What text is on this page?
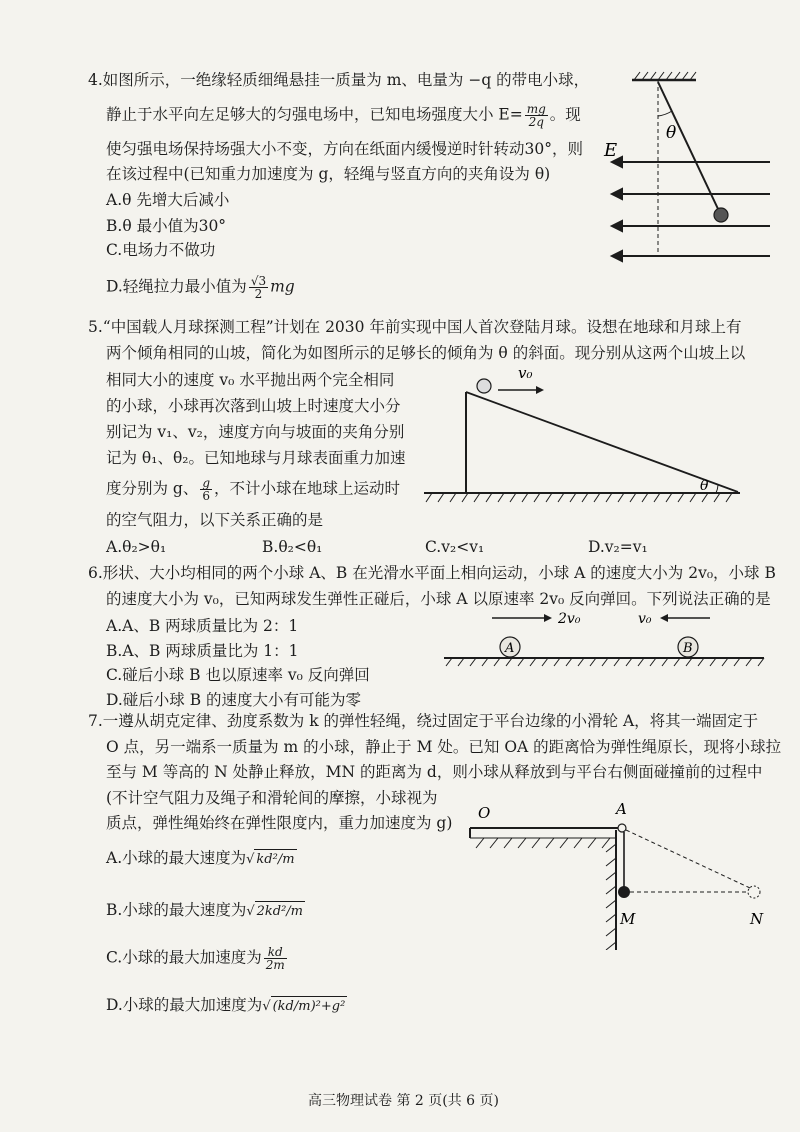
4.如图所示，一绝缘轻质细绳悬挂一质量为 m、电量为 −q 的带电小球，
静止于水平向左足够大的匀强电场中，已知电场强度大小 $E= \frac{mg}{2q}$ 。现
使匀强电场保持场强大小不变，方向在纸面内缓慢逆时针转动30°，则
在该过程中(已知重力加速度为 g，轻绳与竖直方向的夹角设为 θ)
A.θ 先增大后减小
B.θ 最小值为30°
C.电场力不做功
D.轻绳拉力最小值为 $\frac{√3}{2}$ mg
θ
E
5.“中国载人月球探测工程”计划在 2030 年前实现中国人首次登陆月球。设想在地球和月球上有
两个倾角相同的山坡，简化为如图所示的足够长的倾角为 θ 的斜面。现分别从这两个山坡上以
相同大小的速度 v₀ 水平抛出两个完全相同
的小球，小球再次落到山坡上时速度大小分
别记为 v₁、v₂，速度方向与坡面的夹角分别
记为 θ₁、θ₂。已知地球与月球表面重力加速
度分别为 g、 $\frac{g}{6}$ ，不计小球在地球上运动时
的空气阻力，以下关系正确的是
A.θ₂>θ₁	B.θ₂<θ₁	C.v₂<v₁	D.v₂=v₁
v₀
θ
6.形状、大小均相同的两个小球 A、B 在光滑水平面上相向运动，小球 A 的速度大小为 2v₀，小球 B
的速度大小为 v₀，已知两球发生弹性正碰后，小球 A 以原速率 2v₀ 反向弹回。下列说法正确的是
A.A、B 两球质量比为 2：1
B.A、B 两球质量比为 1：1
C.碰后小球 B 也以原速率 v₀ 反向弹回
D.碰后小球 B 的速度大小有可能为零
2v₀	v₀
A	B
7.一遵从胡克定律、劲度系数为 k 的弹性轻绳，绕过固定于平台边缘的小滑轮 A，将其一端固定于
O 点，另一端系一质量为 m 的小球，静止于 M 处。已知 OA 的距离恰为弹性绳原长，现将小球拉
至与 M 等高的 N 处静止释放，MN 的距离为 d，则小球从释放到与平台右侧面碰撞前的过程中
(不计空气阻力及绳子和滑轮间的摩擦，小球视为
质点，弹性绳始终在弹性限度内，重力加速度为 g)
A.小球的最大速度为√ kd²/m
B.小球的最大速度为√ 2kd²/m
C.小球的最大加速度为 $\frac{kd}{2m}$
D.小球的最大加速度为√ (kd/m)²+g²
O	A
M	N
高三物理试卷 第 2 页(共 6 页)
